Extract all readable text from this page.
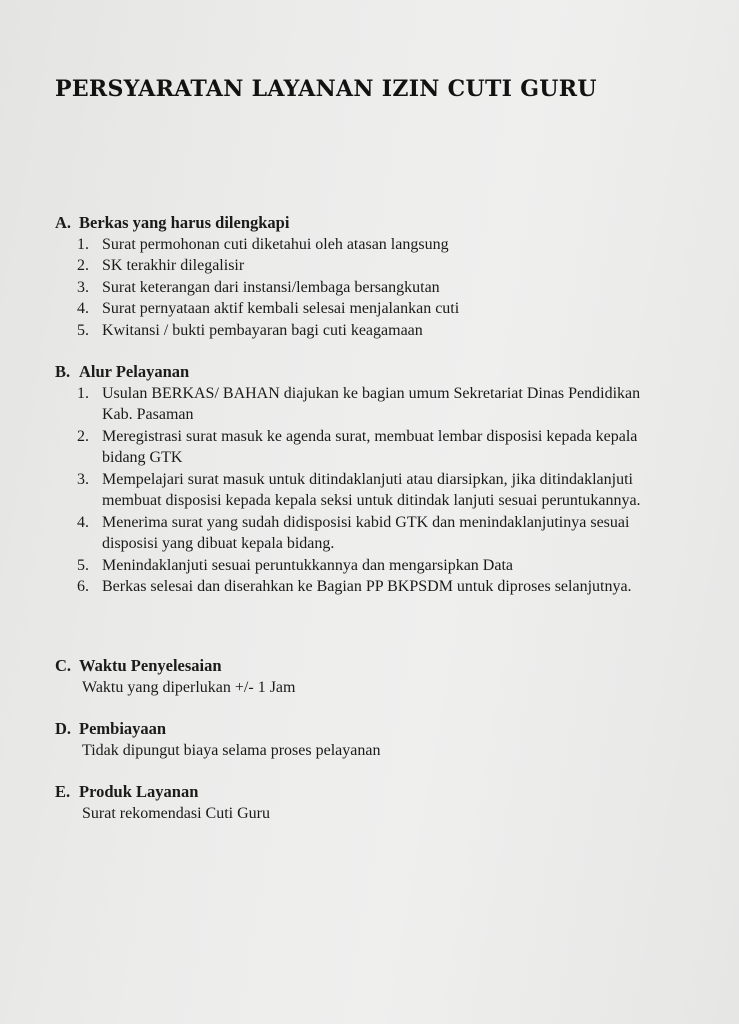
PERSYARATAN LAYANAN IZIN CUTI GURU
A. Berkas yang harus dilengkapi
1. Surat permohonan cuti diketahui oleh atasan langsung
2. SK terakhir dilegalisir
3. Surat keterangan dari instansi/lembaga bersangkutan
4. Surat pernyataan aktif kembali selesai menjalankan cuti
5. Kwitansi / bukti pembayaran bagi cuti keagamaan
B. Alur Pelayanan
1. Usulan BERKAS/ BAHAN diajukan ke bagian umum Sekretariat Dinas Pendidikan Kab. Pasaman
2. Meregistrasi surat masuk ke agenda surat, membuat lembar disposisi kepada kepala bidang GTK
3. Mempelajari surat masuk untuk ditindaklanjuti atau diarsipkan, jika ditindaklanjuti membuat disposisi kepada kepala seksi untuk ditindak lanjuti sesuai peruntukannya.
4. Menerima surat yang sudah didisposisi kabid GTK dan menindaklanjutinya sesuai disposisi yang dibuat kepala bidang.
5. Menindaklanjuti sesuai peruntukkannya dan mengarsipkan Data
6. Berkas selesai dan diserahkan ke Bagian PP BKPSDM untuk diproses selanjutnya.
C. Waktu Penyelesaian
Waktu yang diperlukan +/- 1 Jam
D. Pembiayaan
Tidak dipungut biaya selama proses pelayanan
E. Produk Layanan
Surat rekomendasi Cuti Guru
